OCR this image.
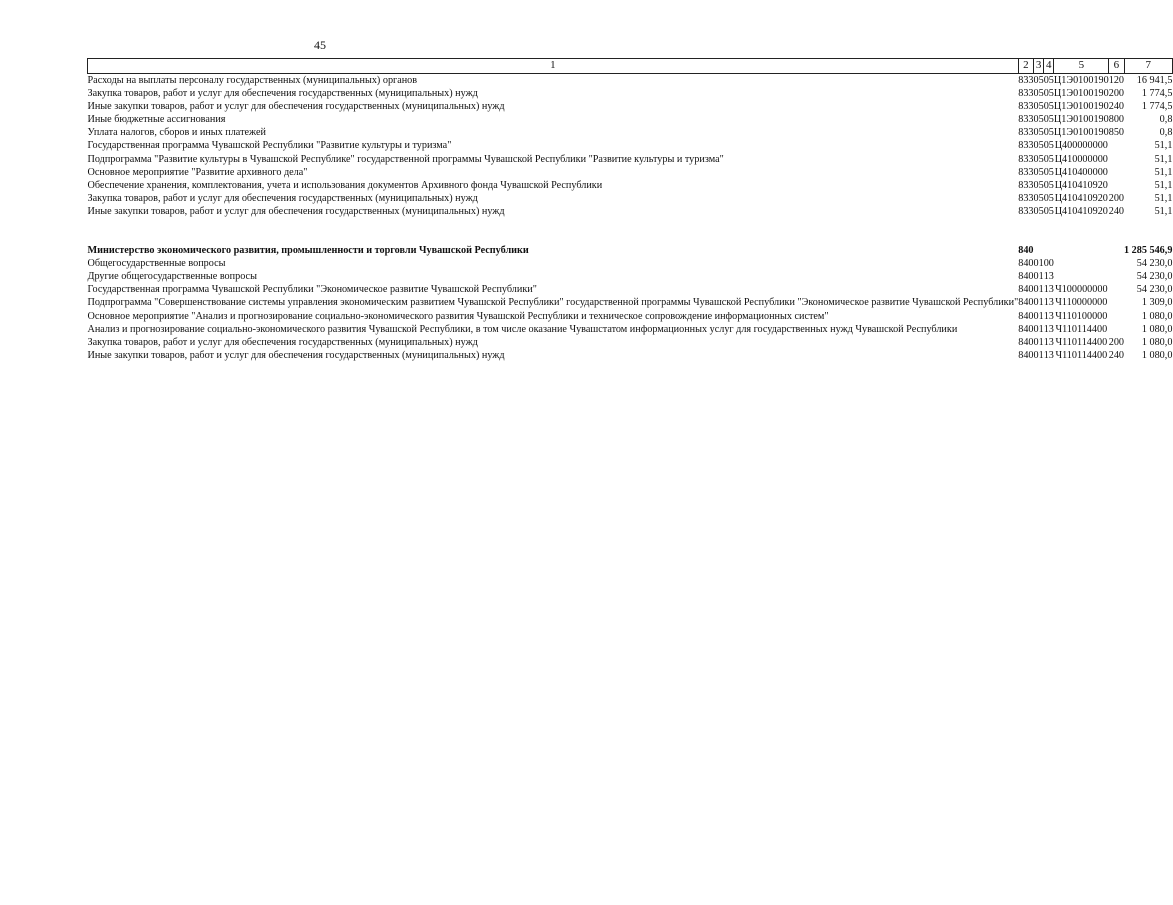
45
1	2	3	4	5	6	7
Расходы на выплаты персоналу государственных (муниципальных) органов	833	05	05	Ц1Э0100190	120	16 941,5
Закупка товаров, работ и услуг для обеспечения государственных (муниципальных) нужд	833	05	05	Ц1Э0100190	200	1 774,5
Иные закупки товаров, работ и услуг для обеспечения государственных (муниципальных) нужд	833	05	05	Ц1Э0100190	240	1 774,5
Иные бюджетные ассигнования	833	05	05	Ц1Э0100190	800	0,8
Уплата налогов, сборов и иных платежей	833	05	05	Ц1Э0100190	850	0,8
Государственная программа Чувашской Республики "Развитие культуры и туризма"	833	05	05	Ц400000000		51,1
Подпрограмма "Развитие культуры в Чувашской Республике" государственной программы Чувашской Республики "Развитие культуры и туризма"	833	05	05	Ц410000000		51,1
Основное мероприятие "Развитие архивного дела"	833	05	05	Ц410400000		51,1
Обеспечение хранения, комплектования, учета и использования документов Архивного фонда Чувашской Республики	833	05	05	Ц410410920		51,1
Закупка товаров, работ и услуг для обеспечения государственных (муниципальных) нужд	833	05	05	Ц410410920	200	51,1
Иные закупки товаров, работ и услуг для обеспечения государственных (муниципальных) нужд	833	05	05	Ц410410920	240	51,1

Министерство экономического развития, промышленности и торговли Чувашской Республики	840					1 285 546,9
Общегосударственные вопросы	840	01	00			54 230,0
Другие общегосударственные вопросы	840	01	13			54 230,0
Государственная программа Чувашской Республики "Экономическое развитие Чувашской Республики"	840	01	13	Ч100000000		54 230,0
Подпрограмма "Совершенствование системы управления экономическим развитием Чувашской Республики" государственной программы Чувашской Республики "Экономическое развитие Чувашской Республики"	840	01	13	Ч110000000		1 309,0
Основное мероприятие "Анализ и прогнозирование социально-экономического развития Чувашской Республики и техническое сопровождение информационных систем"	840	01	13	Ч110100000		1 080,0
Анализ и прогнозирование социально-экономического развития Чувашской Республики, в том числе оказание Чувашстатом информационных услуг для государственных нужд Чувашской Республики	840	01	13	Ч110114400		1 080,0
Закупка товаров, работ и услуг для обеспечения государственных (муниципальных) нужд	840	01	13	Ч110114400	200	1 080,0
Иные закупки товаров, работ и услуг для обеспечения государственных (муниципальных) нужд	840	01	13	Ч110114400	240	1 080,0
